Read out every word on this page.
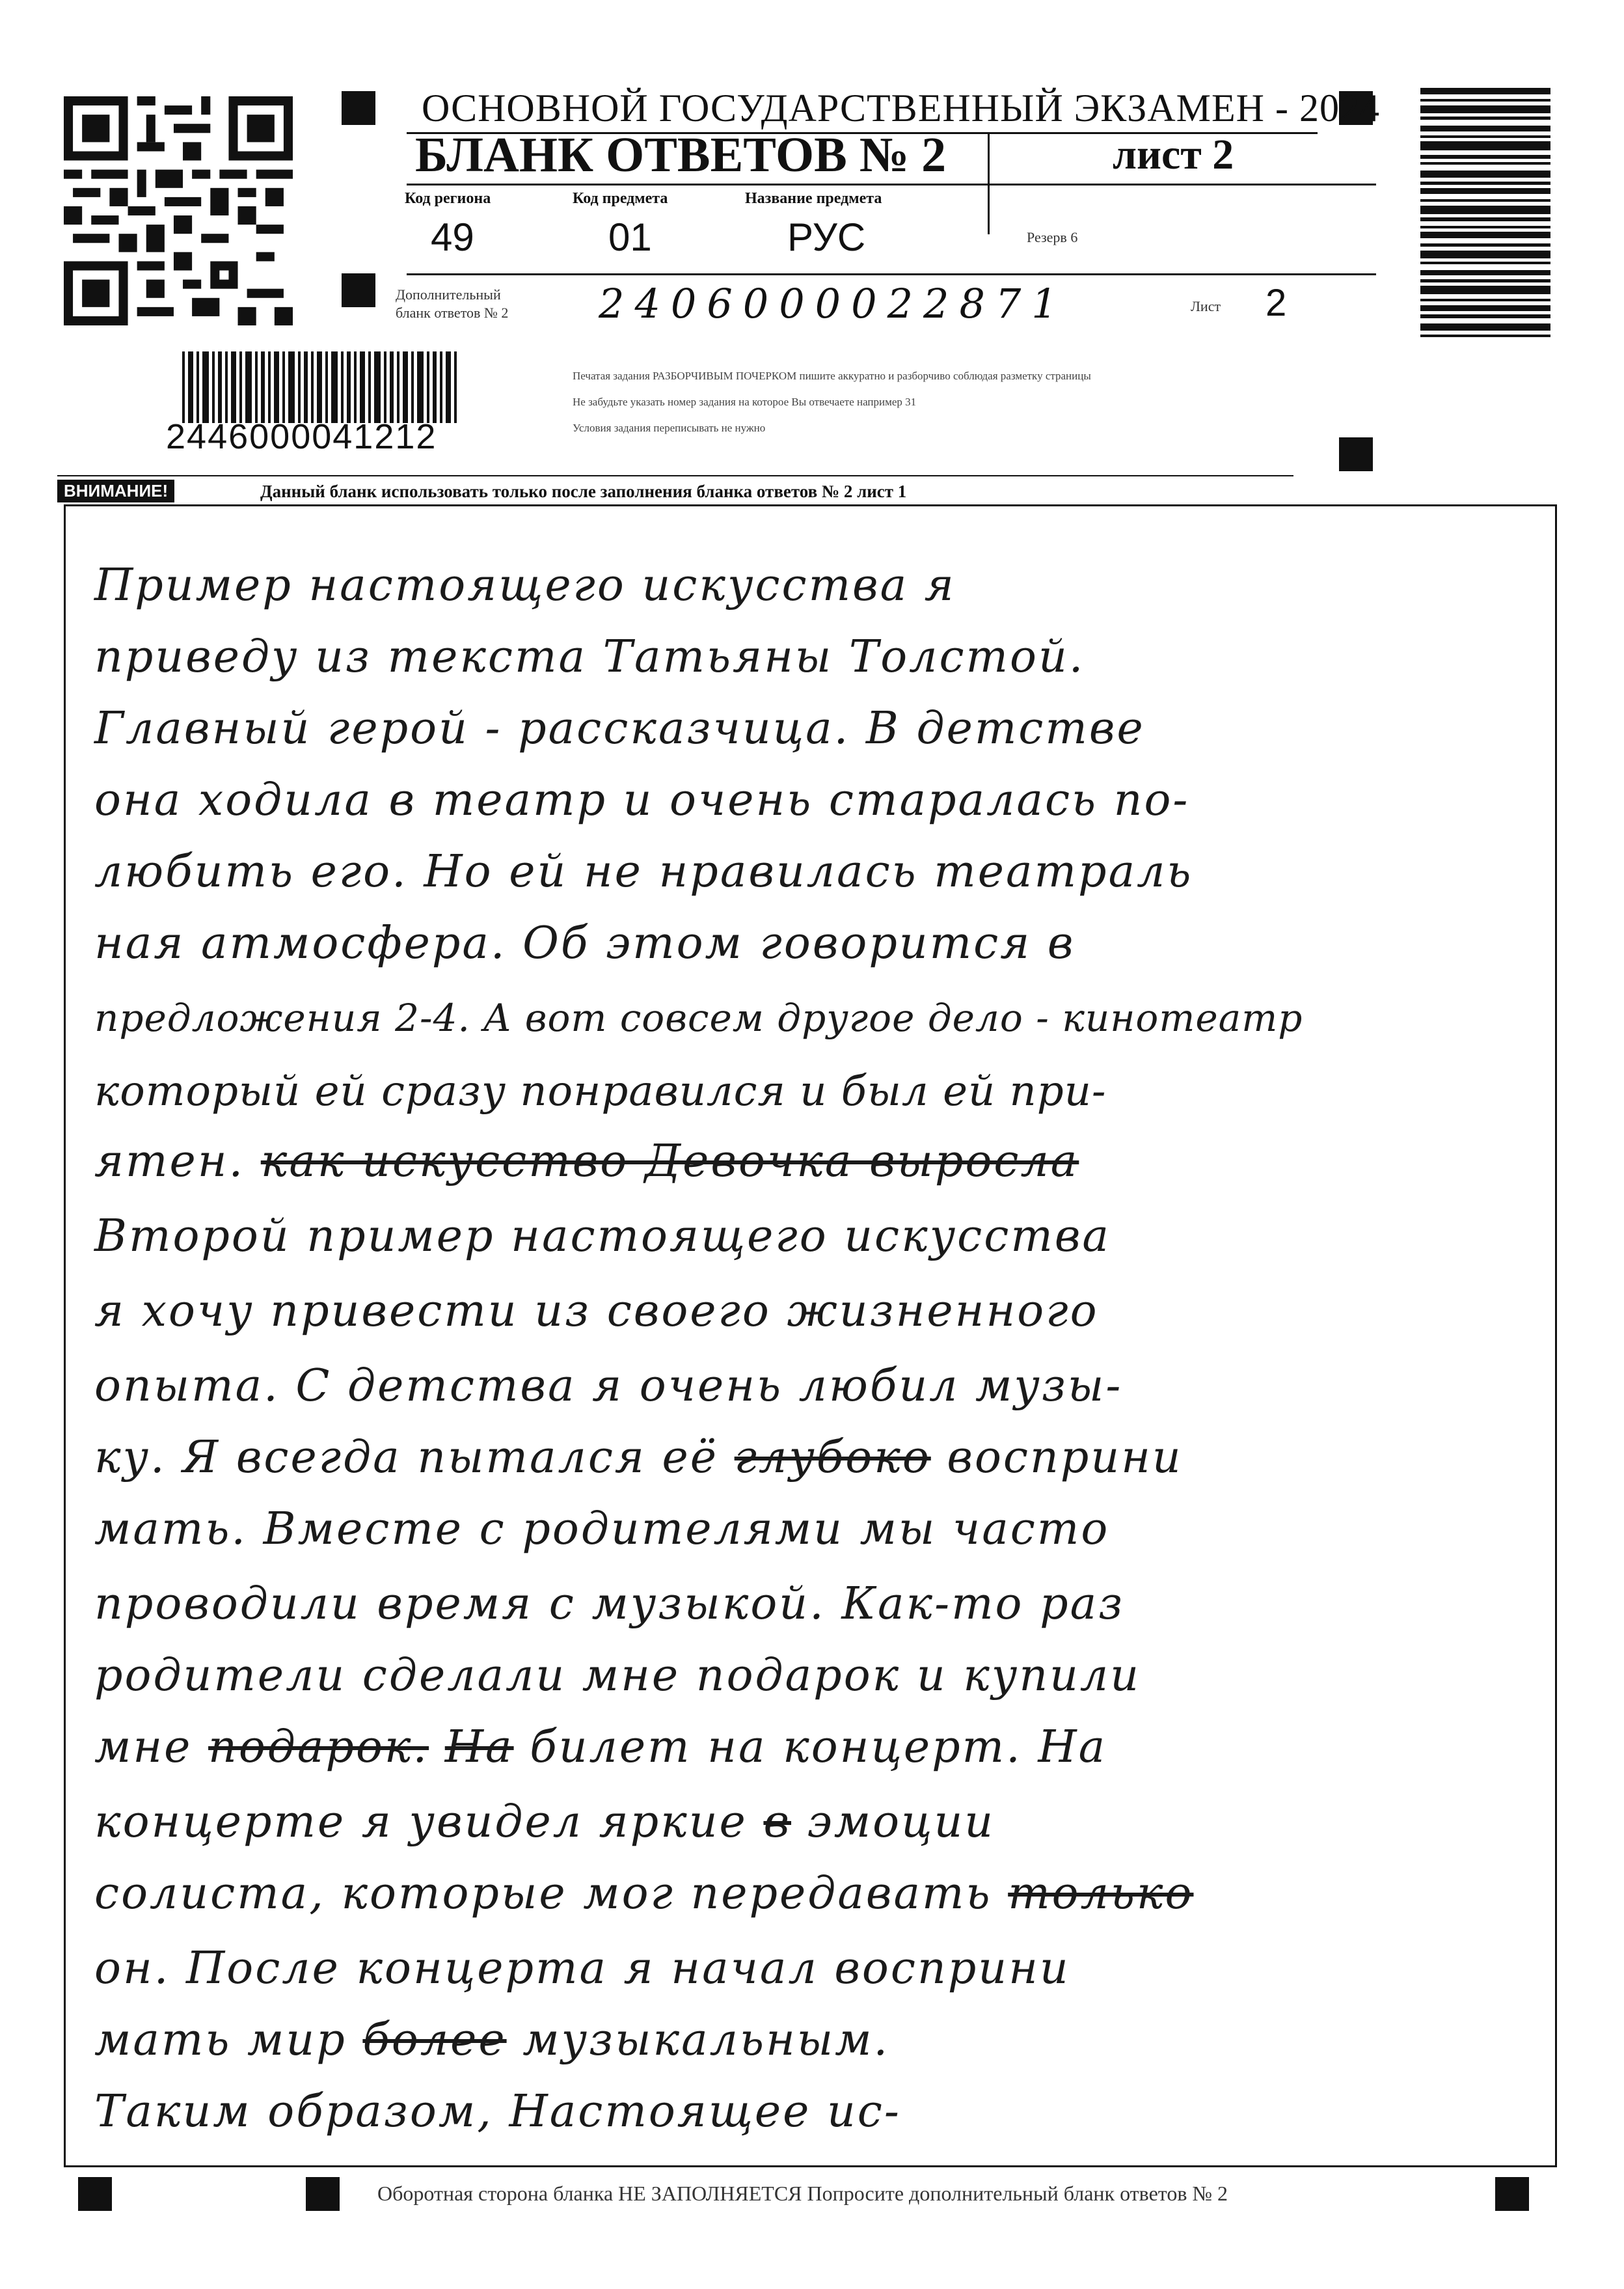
ОСНОВНОЙ ГОСУДАРСТВЕННЫЙ ЭКЗАМЕН - 2024
БЛАНК ОТВЕТОВ № 2	лист 2
Код региона
49
Код предмета
01
Название предмета
РУС	Резерв 6
Дополнительный
бланк ответов № 2 2406000022871	Лист 2
2446000041212
Печатая задания РАЗБОРЧИВЫМ ПОЧЕРКОМ пишите аккуратно и разборчиво соблюдая разметку страницы
Не забудьте указать номер задания на которое Вы отвечаете например 31
Условия задания переписывать не нужно
ВНИМАНИЕ!	Данный бланк использовать только после заполнения бланка ответов № 2 лист 1
Пример настоящего искусства я
приведу из текста Татьяны Толстой.
Главный герой - рассказчица. В детстве
она ходила в театр и очень старалась по-
любить его. Но ей не нравилась театраль
ная атмосфера. Об этом говорится в
предложения 2-4. А вот совсем другое дело - кинотеатр
который ей сразу понравился и был ей при-
ятен. как искусство Девочка выросла
Второй пример настоящего искусства
я хочу привести из своего жизненного
опыта. С детства я очень любил музы-
ку. Я всегда пытался её глубоко восприни
мать. Вместе с родителями мы часто
проводили время с музыкой. Как-то раз
родители сделали мне подарок и купили
мне подарок. На билет на концерт. На
концерте я увидел яркие в эмоции
солиста, которые мог передавать только
он. После концерта я начал восприни
мать мир более музыкальным.
Таким образом, Настоящее ис-
Оборотная сторона бланка НЕ ЗАПОЛНЯЕТСЯ Попросите дополнительный бланк ответов № 2
